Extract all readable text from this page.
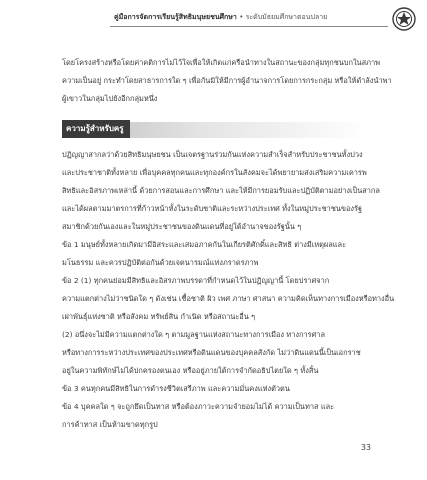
คู่มือการจัดการเรียนรู้สิทธิมนุษยชนศึกษา • ระดับมัธยมศึกษาตอนปลาย
โดยโครงสร้างหรือโดยค่าคติการไม่ไว้ใจเพื่อให้เกิดแก่ครือนำทางในสถานะของกลุ่มทุกชนบกในสภาพ
ความเป็นอยู่ กระทำโดยสาธารการใด ๆ เพื่อกันมิให้มีการผู้อำนาจการโดยการกระกลุ่ม หรือให้ดำลังนำพา
ผู้เขาวในกลุ่มไปยังอีกกลุ่มหนึ่ง
ความรู้สำหรับครู
ปฏิญญาสากลว่าด้วยสิทธิมนุษยชน เป็นเจตรฐานร่วมกันแห่งความสำเร็จสำหรับประชาชนทั้งปวง
และประชาชาติทั้งหลาย เพื่อบุคคลทุกคนและทุกองค์กรในสังคมจะได้พยายามส่งเสริมความเคารพ
สิทธิและอิสรภาพเหล่านี้ ด้วยการสอนและการศึกษา และให้มีการยอมรับและปฏิบัติตามอย่างเป็นสากล
และได้ผลตามมาตรการที่ก้าวหน้าทั้งในระดับชาติและระหว่างประเทศ ทั้งในหมู่ประชาชนของรัฐ
สมาชิกด้วยกันเองและในหมู่ประชาชนของดินแดนที่อยู่ใต้อำนาจของรัฐนั้น ๆ
ข้อ 1 มนุษย์ทั้งหลายเกิดมามีอิสระและเสมอภาคกันในเกียรติศักดิ์และสิทธิ ต่างมีเหตุผลและ
มโนธรรม และควรปฏิบัติต่อกันด้วยเจตนารมณ์แห่งภราดรภาพ
ข้อ 2 (1) ทุกคนย่อมมีสิทธิและอิสรภาพบรรดาที่กำหนดไว้ในปฏิญญานี้ โดยปราศจาก
ความแตกต่างไม่ว่าชนิดใด ๆ ดังเช่น เชื้อชาติ ผิว เพศ ภาษา ศาสนา ความคิดเห็นทางการเมืองหรือทางอื่น
เผ่าพันธุ์แห่งชาติ หรือสังคม ทรัพย์สิน กำเนิด หรือสถานะอื่น ๆ
(2) อนึ่งจะไม่มีความแตกต่างใด ๆ ตามมูลฐานแห่งสถานะทางการเมือง ทางการศาล
หรือทางการระหว่างประเทศของประเทศหรือดินแดนของบุคคลสังกัด ไม่ว่าดินแดนนี้เป็นเอกราช
อยู่ในความพิทักษ์ไม่ได้ปกครองตนเอง หรืออยู่ภายใต้การจำกัดอธิปไตยใด ๆ ทั้งสิ้น
ข้อ 3 คนทุกคนมีสิทธิในการดำรงชีวิตเสรีภาพ และความมั่นคงแห่งตัวตน
ข้อ 4 บุคคลใด ๆ จะถูกยึดเป็นทาส หรือต้องภาวะความจำยอมไม่ได้ ความเป็นทาส และ
การค้าทาส เป็นห้ามขาดทุกรูป
33
